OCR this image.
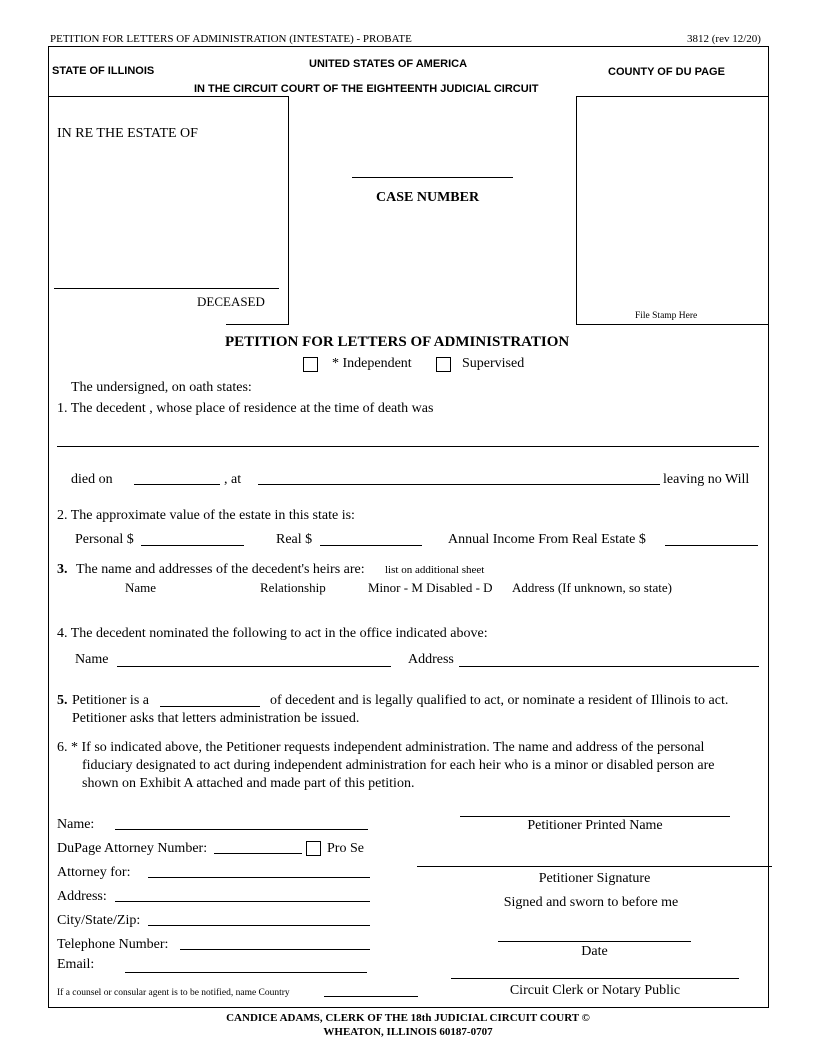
PETITION FOR LETTERS OF ADMINISTRATION (INTESTATE) - PROBATE	3812 (rev 12/20)
STATE OF ILLINOIS
UNITED STATES OF AMERICA
COUNTY OF DU PAGE
IN THE CIRCUIT COURT OF THE EIGHTEENTH JUDICIAL CIRCUIT
IN RE THE ESTATE OF
DECEASED
CASE NUMBER
File Stamp Here
PETITION FOR LETTERS OF ADMINISTRATION
* Independent	Supervised
The undersigned, on oath states:
1. The decedent , whose place of residence at the time of death was
died on	, at	leaving no Will
2. The approximate value of the estate in this state is:
Personal $	Real $	Annual Income From Real Estate $
3. The name and addresses of the decedent's heirs are: list on additional sheet
Name	Relationship	Minor - M Disabled - D Address (If unknown, so state)
4. The decedent nominated the following to act in the office indicated above:
Name	Address
5. Petitioner is a	of decedent and is legally qualified to act, or nominate a resident of Illinois to act.
Petitioner asks that letters administration be issued.
6. * If so indicated above, the Petitioner requests independent administration. The name and address of the personal
fiduciary designated to act during independent administration for each heir who is a minor or disabled person are
shown on Exhibit A attached and made part of this petition.
Name:
DuPage Attorney Number:	Pro Se
Attorney for:
Address:
City/State/Zip:
Telephone Number:
Email:
If a counsel or consular agent is to be notified, name Country
Petitioner Printed Name
Petitioner Signature
Signed and sworn to before me
Date
Circuit Clerk or Notary Public
CANDICE ADAMS, CLERK OF THE 18th JUDICIAL CIRCUIT COURT ©
WHEATON, ILLINOIS 60187-0707
